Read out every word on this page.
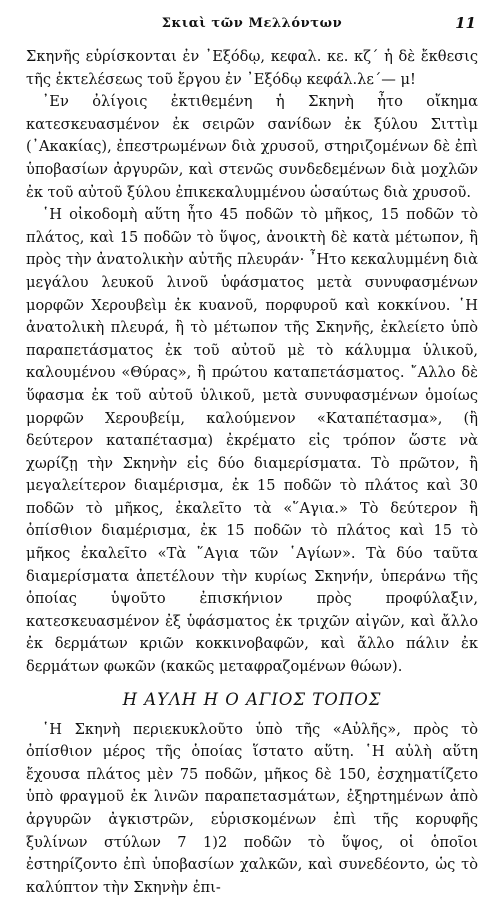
Σκιαὶ τῶν Μελλόντων	11

Σκηνῆς εὑρίσκονται ἐν ᾽Εξόδῳ, κεφαλ. κε. κζ΄ ἡ δὲ ἔκθεσις τῆς ἐκτελέσεως τοῦ ἔργου ἐν ᾽Εξόδῳ κεφάλ.λε΄— μ!

᾽Εν ὀλίγοις ἐκτιθεμένη ἡ Σκηνὴ ἦτο οἴκημα κατεσκευασμένον ἐκ σειρῶν σανίδων ἐκ ξύλου Σιττὶμ (᾽Ακακίας), ἐπεστρωμένων διὰ χρυσοῦ, στηριζομένων δὲ ἐπὶ ὑποβασίων ἀργυρῶν, καὶ στενῶς συνδεδεμένων διὰ μοχλῶν ἐκ τοῦ αὐτοῦ ξύλου ἐπικεκαλυμμένου ὡσαύτως διὰ χρυσοῦ.

῾Η οἰκοδομὴ αὕτη ἦτο 45 ποδῶν τὸ μῆκος, 15 ποδῶν τὸ πλάτος, καὶ 15 ποδῶν τὸ ὕψος, ἀνοικτὴ δὲ κατὰ μέτωπον, ἢ πρὸς τὴν ἀνατολικὴν αὐτῆς πλευράν· ῏Ητο κεκαλυμμένη διὰ μεγάλου λευκοῦ λινοῦ ὑφάσματος μετὰ συνυφασμένων μορφῶν Χερουβεὶμ ἐκ κυανοῦ, πορφυροῦ καὶ κοκκίνου. ῾Η ἀνατολικὴ πλευρά, ἢ τὸ μέτωπον τῆς Σκηνῆς, ἐκλείετο ὑπὸ παραπετάσματος ἐκ τοῦ αὐτοῦ μὲ τὸ κάλυμμα ὑλικοῦ, καλουμένου «Θύρας», ἢ πρώτου καταπετάσματος. ῎Αλλο δὲ ὕφασμα ἐκ τοῦ αὐτοῦ ὑλικοῦ, μετὰ συνυφασμένων ὁμοίως μορφῶν Χερουβείμ, καλούμενον «Καταπέτασμα», (ἢ δεύτερον καταπέτασμα) ἐκρέματο εἰς τρόπον ὥστε νὰ χωρίζῃ τὴν Σκηνὴν εἰς δύο διαμερίσματα. Τὸ πρῶτον, ἢ μεγαλείτερον διαμέρισμα, ἐκ 15 ποδῶν τὸ πλάτος καὶ 30 ποδῶν τὸ μῆκος, ἐκαλεῖτο τὰ «῞Αγια.» Τὸ δεύτερον ἢ ὀπίσθιον διαμέρισμα, ἐκ 15 ποδῶν τὸ πλάτος καὶ 15 τὸ μῆκος ἐκαλεῖτο «Τὰ ῞Αγια τῶν ῾Αγίων». Τὰ δύο ταῦτα διαμερίσματα ἀπετέλουν τὴν κυρίως Σκηνήν, ὑπεράνω τῆς ὁποίας ὑψοῦτο ἐπισκήνιον πρὸς προφύλαξιν, κατεσκευασμένον ἐξ ὑφάσματος ἐκ τριχῶν αἰγῶν, καὶ ἄλλο ἐκ δερμάτων κριῶν κοκκινοβαφῶν, καὶ ἄλλο πάλιν ἐκ δερμάτων φωκῶν (κακῶς μεταφραζομένων θώων).

Η ΑΥΛΗ Η Ο ΑΓΙΟΣ ΤΟΠΟΣ

῾Η Σκηνὴ περιεκυκλοῦτο ὑπὸ τῆς «Αὐλῆς», πρὸς τὸ ὀπίσθιον μέρος τῆς ὁποίας ἵστατο αὕτη. ῾Η αὐλὴ αὕτη ἔχουσα πλάτος μὲν 75 ποδῶν, μῆκος δὲ 150, ἐσχηματίζετο ὑπὸ φραγμοῦ ἐκ λινῶν παραπετασμάτων, ἐξηρτημένων ἀπὸ ἀργυρῶν ἀγκιστρῶν, εὑρισκομένων ἐπὶ τῆς κορυφῆς ξυλίνων στύλων 7 1)2 ποδῶν τὸ ὕψος, οἱ ὁποῖοι ἐστηρίζοντο ἐπὶ ὑποβασίων χαλκῶν, καὶ συνεδέοντο, ὡς τὸ καλύπτον τὴν Σκηνὴν ἐπι-
